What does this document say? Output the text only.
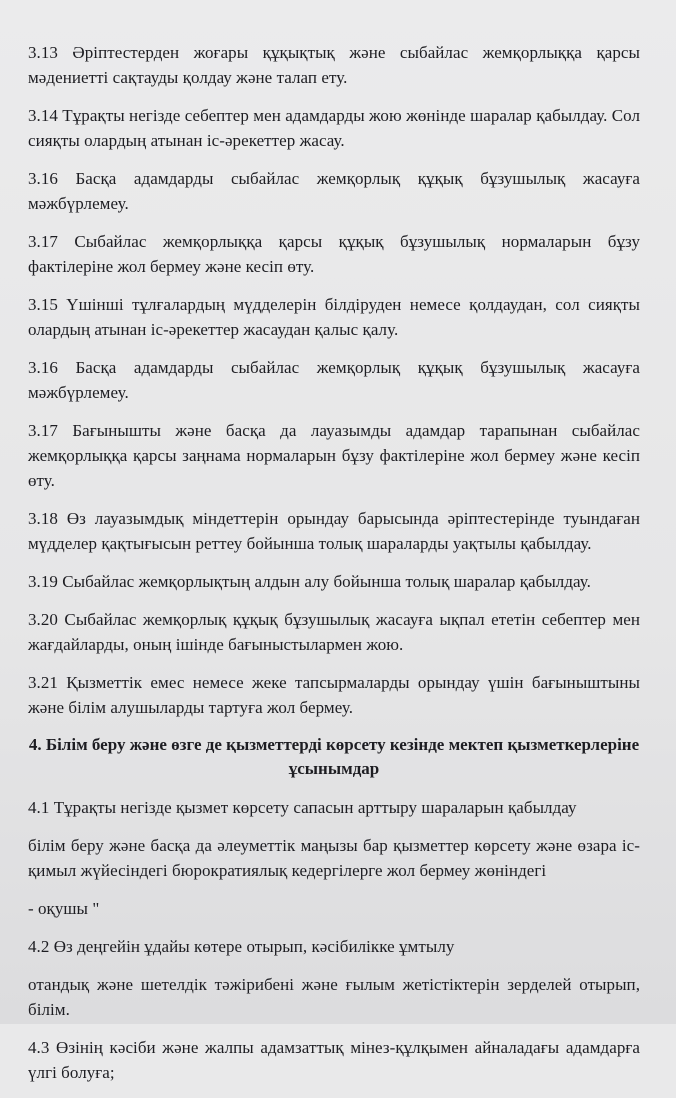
3.13 Әріптестерден жоғары құқықтық және сыбайлас жемқорлыққа қарсы мәдениетті сақтауды қолдау және талап ету.

3.14 Тұрақты негізде себептер мен адамдарды жою жөнінде шаралар қабылдау. Сол сияқты олардың атынан іс-әрекеттер жасау.

3.16 Басқа адамдарды сыбайлас жемқорлық құқық бұзушылық жасауға мәжбүрлемеу.

3.17 Сыбайлас жемқорлыққа қарсы құқық бұзушылық нормаларын бұзу фактілеріне жол бермеу және кесіп өту.

3.15 Үшінші тұлғалардың мүдделерін білдіруден немесе қолдаудан, сол сияқты олардың атынан іс-әрекеттер жасаудан қалыс қалу.

3.16 Басқа адамдарды сыбайлас жемқорлық құқық бұзушылық жасауға мәжбүрлемеу.

3.17 Бағынышты және басқа да лауазымды адамдар тарапынан сыбайлас жемқорлыққа қарсы заңнама нормаларын бұзу фактілеріне жол бермеу және кесіп өту.

3.18 Өз лауазымдық міндеттерін орындау барысында әріптестерінде туындаған мүдделер қақтығысын реттеу бойынша толық шараларды уақтылы қабылдау.

3.19 Сыбайлас жемқорлықтың алдын алу бойынша толық шаралар қабылдау.

3.20 Сыбайлас жемқорлық құқық бұзушылық жасауға ықпал ететін себептер мен жағдайларды, оның ішінде бағыныстылармен жою.

3.21 Қызметтік емес немесе жеке тапсырмаларды орындау үшін бағыныштыны және білім алушыларды тартуға жол бермеу.

4. Білім беру және өзге де қызметтерді көрсету кезінде мектеп қызметкерлеріне ұсынымдар

4.1 Тұрақты негізде қызмет көрсету сапасын арттыру шараларын қабылдау

білім беру және басқа да әлеуметтік маңызы бар қызметтер көрсету және өзара іс-қимыл жүйесіндегі бюрократиялық кедергілерге жол бермеу жөніндегі

- оқушы "

4.2 Өз деңгейін ұдайы көтере отырып, кәсібилікке ұмтылу

отандық және шетелдік тәжірибені және ғылым жетістіктерін зерделей отырып, білім.

4.3 Өзінің кәсіби және жалпы адамзаттық мінез-құлқымен айналадағы адамдарға үлгі болуға;
